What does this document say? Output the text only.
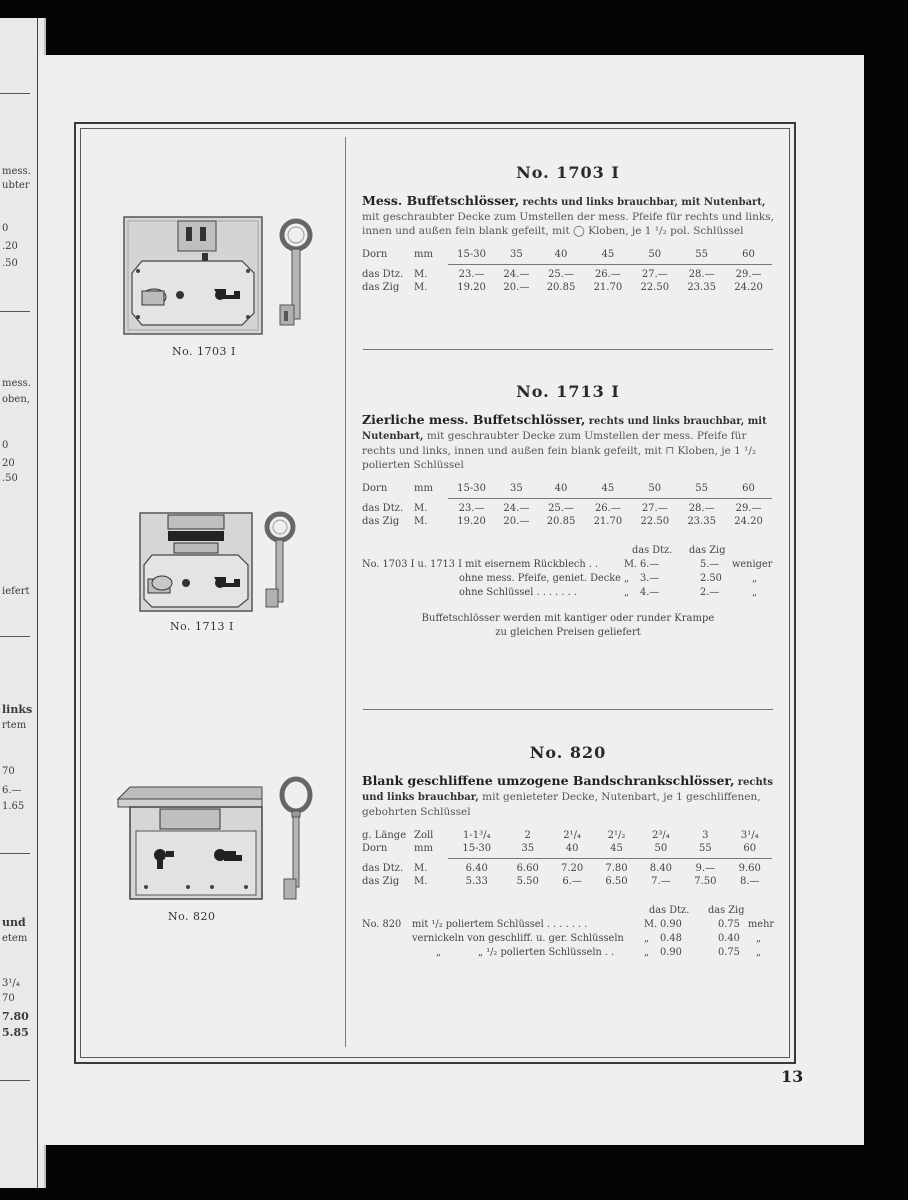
mess.
ubter
0
.20
.50
mess.
oben,
0
20
.50
iefert
links
rtem
70
6.—
1.65
und
etem
3¹/₄
70
7.80
5.85
No. 1703 I
No. 1713 I
No. 820
No. 1703 I
Mess. Buffetschlösser, rechts und links brauchbar, mit Nutenbart, mit geschraubter Decke zum Umstellen der mess. Pfeife für rechts und links, innen und außen fein blank gefeilt, mit ◯ Kloben, je 1 ¹/₂ pol. Schlüssel
Dorn	mm	15-30	35	40	45	50	55	60
das Dtz.	M.	23.—	24.—	25.—	26.—	27.—	28.—	29.—
das Zig	M.	19.20	20.—	20.85	21.70	22.50	23.35	24.20
No. 1713 I
Zierliche mess. Buffetschlösser, rechts und links brauchbar, mit Nutenbart, mit geschraubter Decke zum Umstellen der mess. Pfeife für rechts und links, innen und außen fein blank gefeilt, mit ⊓ Kloben, je 1 ¹/₂ polierten Schlüssel
Dorn	mm	15-30	35	40	45	50	55	60
das Dtz.	M.	23.—	24.—	25.—	26.—	27.—	28.—	29.—
das Zig	M.	19.20	20.—	20.85	21.70	22.50	23.35	24.20
das Dtz. das Zig
No. 1703 I u. 1713 I mit eisernem Rückblech . .	M. 6.—	5.— weniger
ohne mess. Pfeife, geniet. Decke „ 3.—	2.50	„
ohne Schlüssel . . . . . . .	„ 4.—	2.—	„
Buffetschlösser werden mit kantiger oder runder Krampe
zu gleichen Preisen geliefert
No. 820
Blank geschliffene umzogene Bandschrankschlösser, rechts und links brauchbar, mit genieteter Decke, Nutenbart, je 1 geschliffenen, gebohrten Schlüssel
g. Länge	Zoll	1-1³/₄	2	2¹/₄	2¹/₂	2³/₄	3	3¹/₄
Dorn	mm	15-30	35	40	45	50	55	60
das Dtz.	M.	6.40	6.60	7.20	7.80	8.40	9.—	9.60
das Zig	M.	5.33	5.50	6.—	6.50	7.—	7.50	8.—
das Dtz. das Zig
No. 820 mit ¹/₂ poliertem Schlüssel . . . . . . .	M. 0.90	0.75 mehr
vernickeln von geschliff. u. ger. Schlüsseln „ 0.48	0.40 „
„	„ ¹/₂ polierten Schlüsseln . .	„ 0.90	0.75 „
13
